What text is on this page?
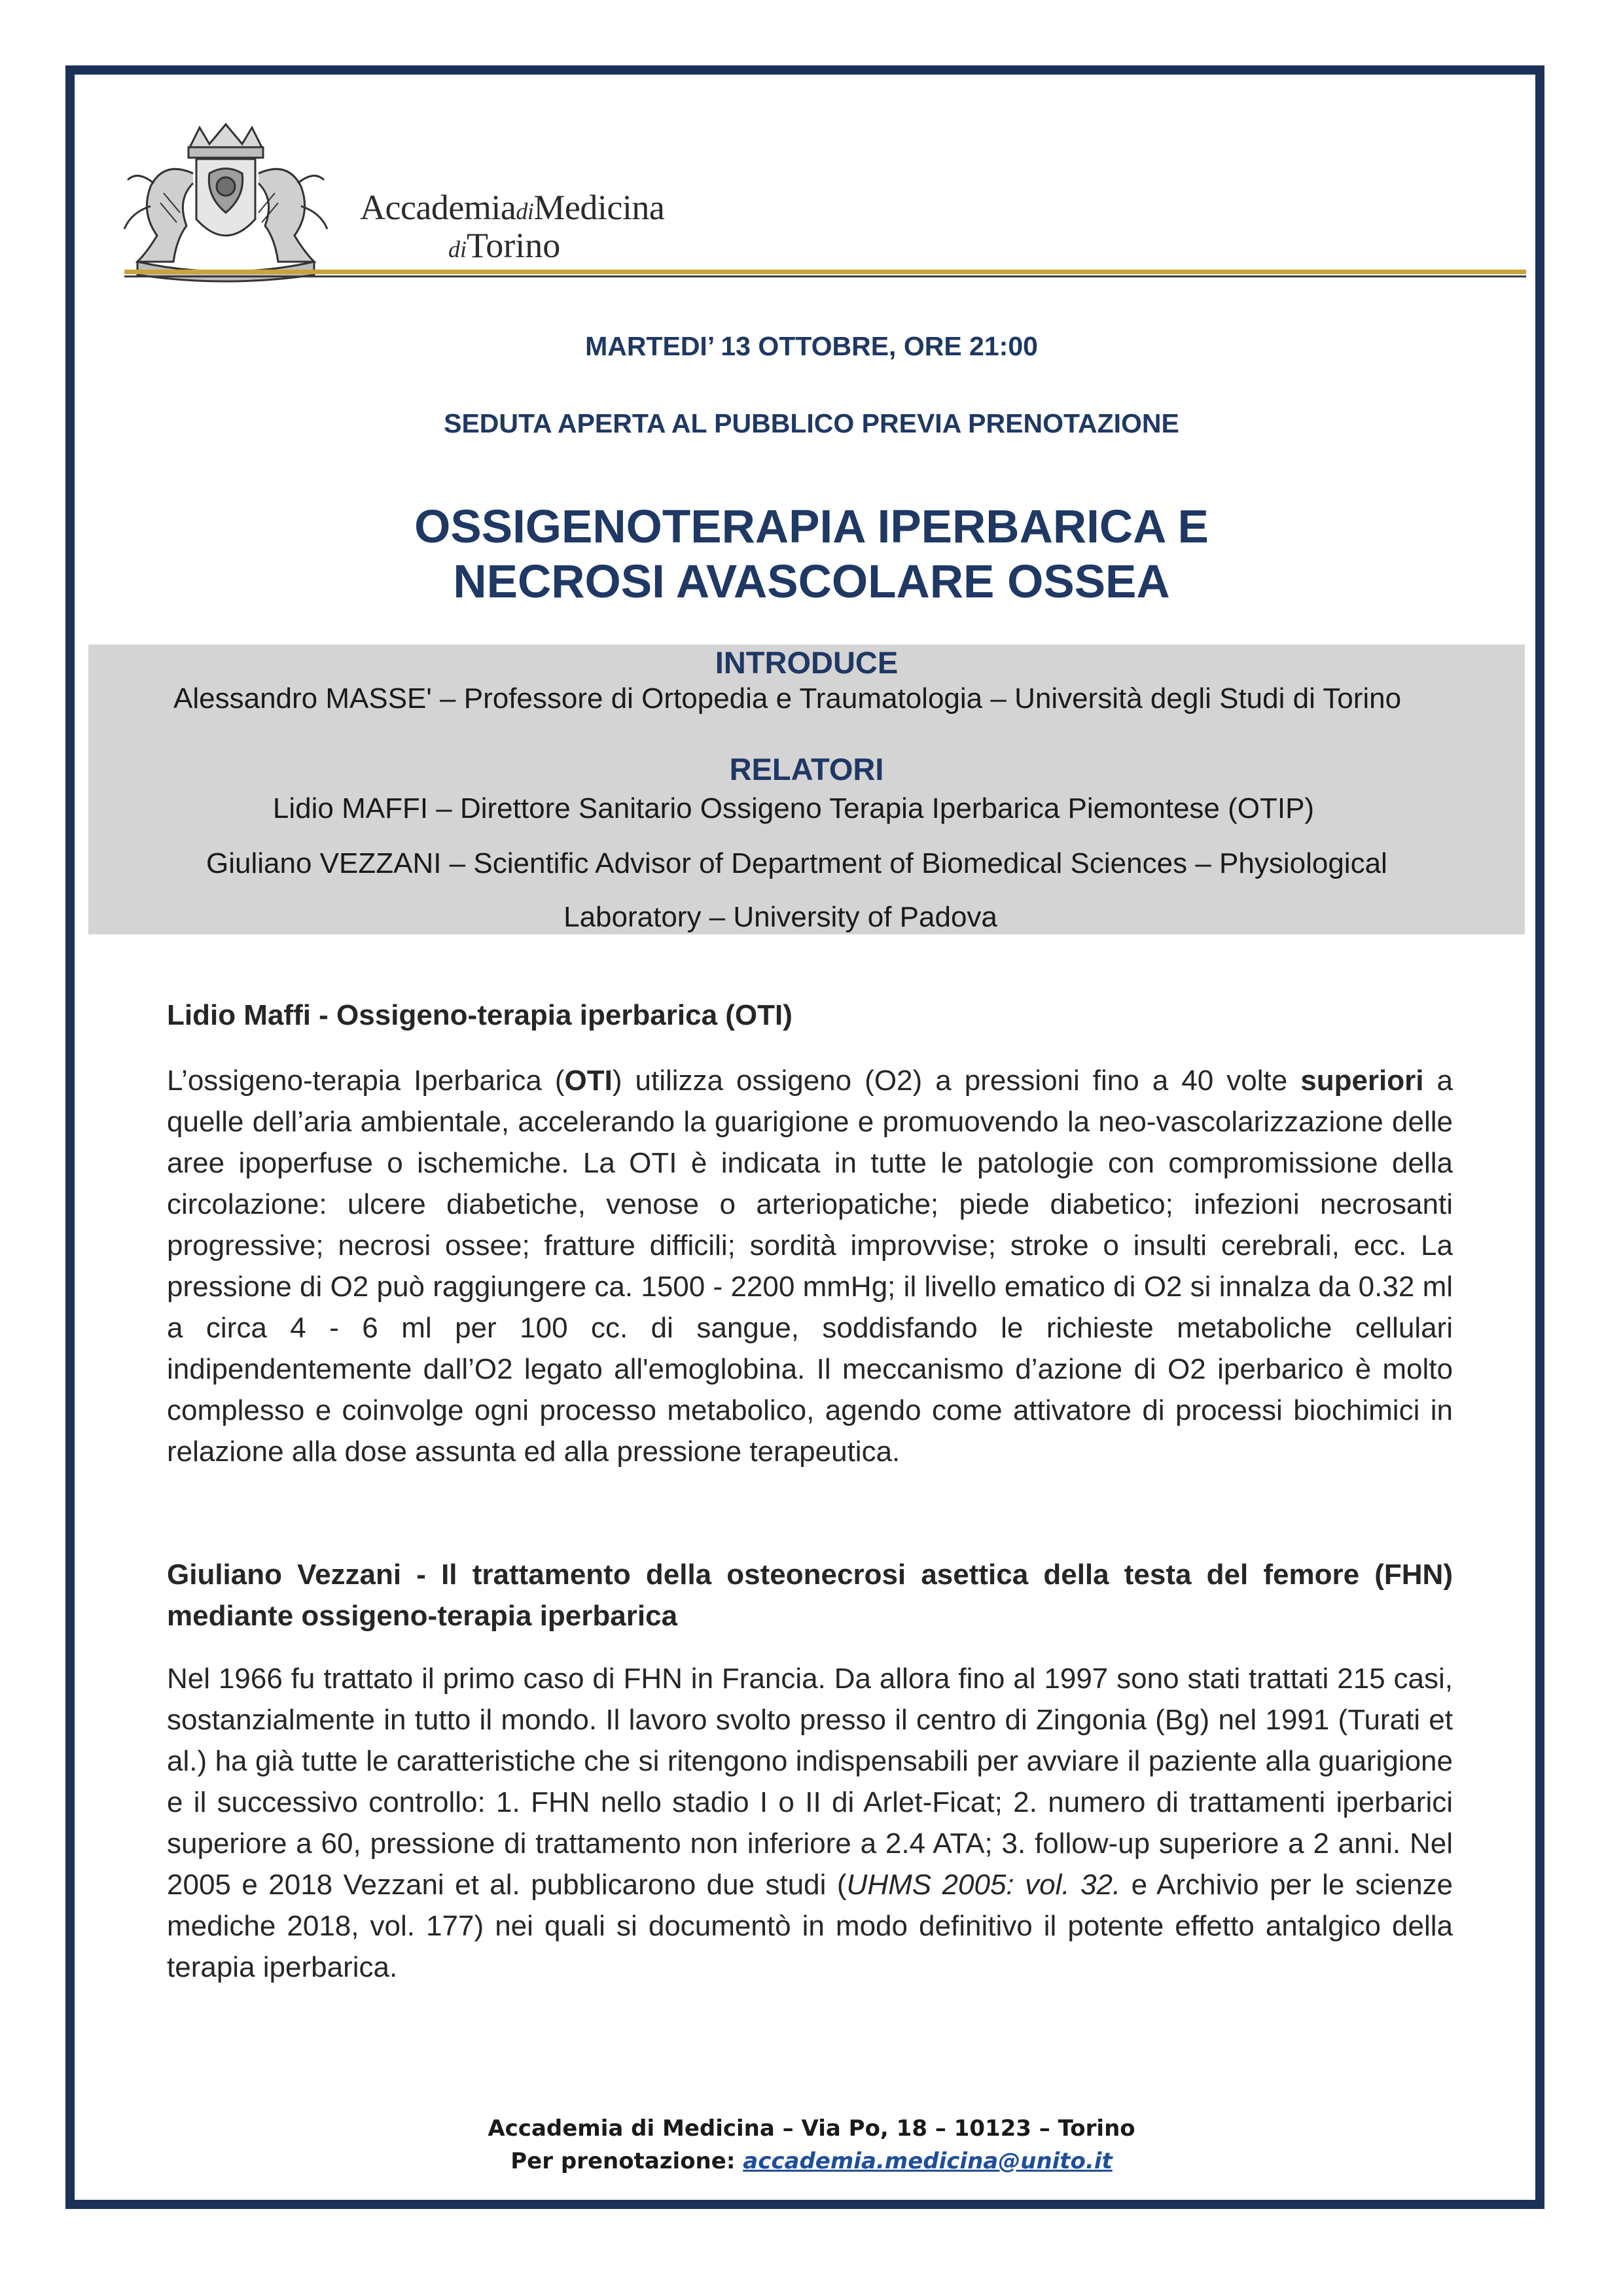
AccademiadiMedicina
diTorino
MARTEDI’ 13 OTTOBRE, ORE 21:00
SEDUTA APERTA AL PUBBLICO PREVIA PRENOTAZIONE
OSSIGENOTERAPIA IPERBARICA E
NECROSI AVASCOLARE OSSEA
INTRODUCE
Alessandro MASSE' – Professore di Ortopedia e Traumatologia – Università degli Studi di Torino
RELATORI
Lidio MAFFI – Direttore Sanitario Ossigeno Terapia Iperbarica Piemontese (OTIP)
Giuliano VEZZANI – Scientific Advisor of Department of Biomedical Sciences – Physiological
Laboratory – University of Padova
Lidio Maffi - Ossigeno-terapia iperbarica (OTI)
L’ossigeno-terapia Iperbarica (OTI) utilizza ossigeno (O2) a pressioni fino a 40 volte superiori a quelle dell’aria ambientale, accelerando la guarigione e promuovendo la neo-vascolarizzazione delle aree ipoperfuse o ischemiche. La OTI è indicata in tutte le patologie con compromissione della circolazione: ulcere diabetiche, venose o arteriopatiche; piede diabetico; infezioni necrosanti progressive; necrosi ossee; fratture difficili; sordità improvvise; stroke o insulti cerebrali, ecc. La pressione di O2 può raggiungere ca. 1500 - 2200 mmHg; il livello ematico di O2 si innalza da 0.32 ml a circa 4 - 6 ml per 100 cc. di sangue, soddisfando le richieste metaboliche cellulari indipendentemente dall’O2 legato all'emoglobina. Il meccanismo d’azione di O2 iperbarico è molto complesso e coinvolge ogni processo metabolico, agendo come attivatore di processi biochimici in relazione alla dose assunta ed alla pressione terapeutica.
Giuliano Vezzani - Il trattamento della osteonecrosi asettica della testa del femore (FHN) mediante ossigeno-terapia iperbarica
Nel 1966 fu trattato il primo caso di FHN in Francia. Da allora fino al 1997 sono stati trattati 215 casi, sostanzialmente in tutto il mondo. Il lavoro svolto presso il centro di Zingonia (Bg) nel 1991 (Turati et al.) ha già tutte le caratteristiche che si ritengono indispensabili per avviare il paziente alla guarigione e il successivo controllo: 1. FHN nello stadio I o II di Arlet-Ficat; 2. numero di trattamenti iperbarici superiore a 60, pressione di trattamento non inferiore a 2.4 ATA; 3. follow-up superiore a 2 anni. Nel 2005 e 2018 Vezzani et al. pubblicarono due studi (UHMS 2005: vol. 32. e Archivio per le scienze mediche 2018, vol. 177) nei quali si documentò in modo definitivo il potente effetto antalgico della terapia iperbarica.
Accademia di Medicina – Via Po, 18 – 10123 – Torino
Per prenotazione: accademia.medicina@unito.it
